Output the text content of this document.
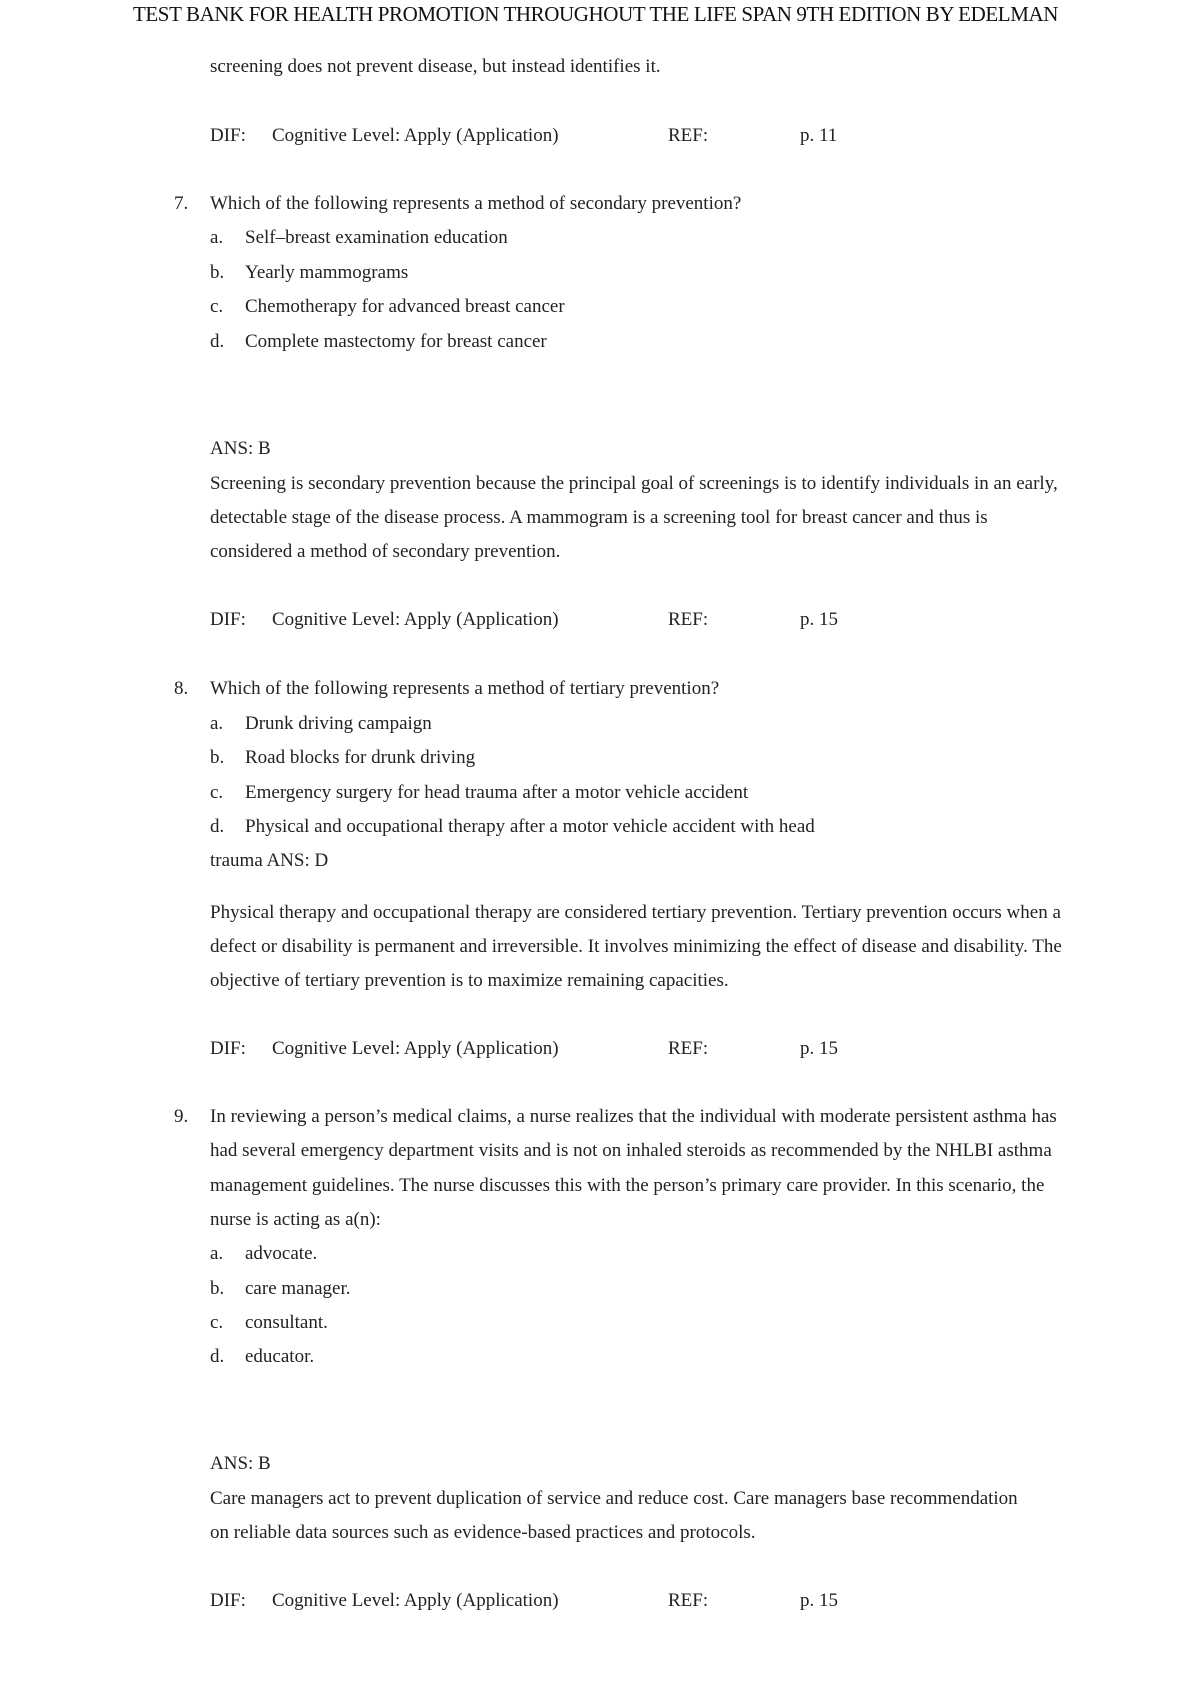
TEST BANK FOR HEALTH PROMOTION THROUGHOUT THE LIFE SPAN 9TH EDITION BY EDELMAN
screening does not prevent disease, but instead identifies it.
DIF: Cognitive Level: Apply (Application)	REF:	p. 11
7. Which of the following represents a method of secondary prevention?
a. Self–breast examination education
b. Yearly mammograms
c. Chemotherapy for advanced breast cancer
d. Complete mastectomy for breast cancer
ANS: B
Screening is secondary prevention because the principal goal of screenings is to identify individuals in an early,
detectable stage of the disease process. A mammogram is a screening tool for breast cancer and thus is
considered a method of secondary prevention.
DIF: Cognitive Level: Apply (Application)	REF:	p. 15
8. Which of the following represents a method of tertiary prevention?
a. Drunk driving campaign
b. Road blocks for drunk driving
c. Emergency surgery for head trauma after a motor vehicle accident
d. Physical and occupational therapy after a motor vehicle accident with head
trauma ANS: D
Physical therapy and occupational therapy are considered tertiary prevention. Tertiary prevention occurs when a
defect or disability is permanent and irreversible. It involves minimizing the effect of disease and disability. The
objective of tertiary prevention is to maximize remaining capacities.
DIF: Cognitive Level: Apply (Application)	REF:	p. 15
9. In reviewing a person’s medical claims, a nurse realizes that the individual with moderate persistent asthma has
had several emergency department visits and is not on inhaled steroids as recommended by the NHLBI asthma
management guidelines. The nurse discusses this with the person’s primary care provider. In this scenario, the
nurse is acting as a(n):
a. advocate.
b. care manager.
c. consultant.
d. educator.
ANS: B
Care managers act to prevent duplication of service and reduce cost. Care managers base recommendation
on reliable data sources such as evidence-based practices and protocols.
DIF: Cognitive Level: Apply (Application)	REF:	p. 15
